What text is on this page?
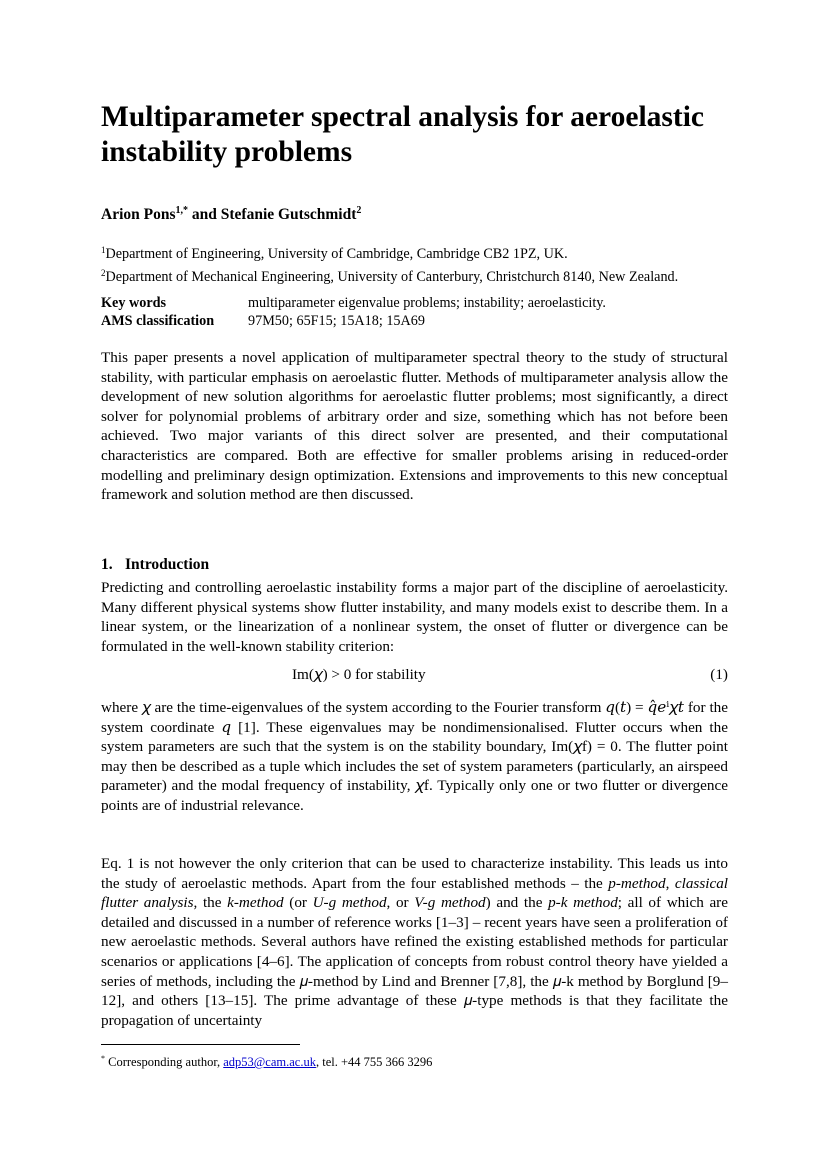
Multiparameter spectral analysis for aeroelastic instability problems
Arion Pons$^{1,*}$ and Stefanie Gutschmidt$^2$
$^1$Department of Engineering, University of Cambridge, Cambridge CB2 1PZ, UK.
$^2$Department of Mechanical Engineering, University of Canterbury, Christchurch 8140, New Zealand.
Key words	multiparameter eigenvalue problems; instability; aeroelasticity.
AMS classification	97M50; 65F15; 15A18; 15A69

This paper presents a novel application of multiparameter spectral theory to the study of structural stability, with particular emphasis on aeroelastic flutter. Methods of multiparameter analysis allow the development of new solution algorithms for aeroelastic flutter problems; most significantly, a direct solver for polynomial problems of arbitrary order and size, something which has not before been achieved. Two major variants of this direct solver are presented, and their computational characteristics are compared. Both are effective for smaller problems arising in reduced-order modelling and preliminary design optimization. Extensions and improvements to this new conceptual framework and solution method are then discussed.

1. Introduction

Predicting and controlling aeroelastic instability forms a major part of the discipline of aeroelasticity. Many different physical systems show flutter instability, and many models exist to describe them. In a linear system, or the linearization of a nonlinear system, the onset of flutter or divergence can be formulated in the well-known stability criterion:

Im(𝜒) > 0 for stability	(1)

where 𝜒 are the time-eigenvalues of the system according to the Fourier transform 𝑞(𝑡) = 𝑞̂𝑒ⁱ𝜒𝑡 for the system coordinate 𝑞 [1]. These eigenvalues may be nondimensionalised. Flutter occurs when the system parameters are such that the system is on the stability boundary, Im(𝜒f) = 0. The flutter point may then be described as a tuple which includes the set of system parameters (particularly, an airspeed parameter) and the modal frequency of instability, 𝜒f. Typically only one or two flutter or divergence points are of industrial relevance.

Eq. 1 is not however the only criterion that can be used to characterize instability. This leads us into the study of aeroelastic methods. Apart from the four established methods – the p-method, classical flutter analysis, the k-method (or U-g method, or V-g method) and the p-k method; all of which are detailed and discussed in a number of reference works [1–3] – recent years have seen a proliferation of new aeroelastic methods. Several authors have refined the existing established methods for particular scenarios or applications [4–6]. The application of concepts from robust control theory have yielded a series of methods, including the 𝜇-method by Lind and Brenner [7,8], the 𝜇-k method by Borglund [9–12], and others [13–15]. The prime advantage of these 𝜇-type methods is that they facilitate the propagation of uncertainty

* Corresponding author, adp53@cam.ac.uk, tel. +44 755 366 3296
